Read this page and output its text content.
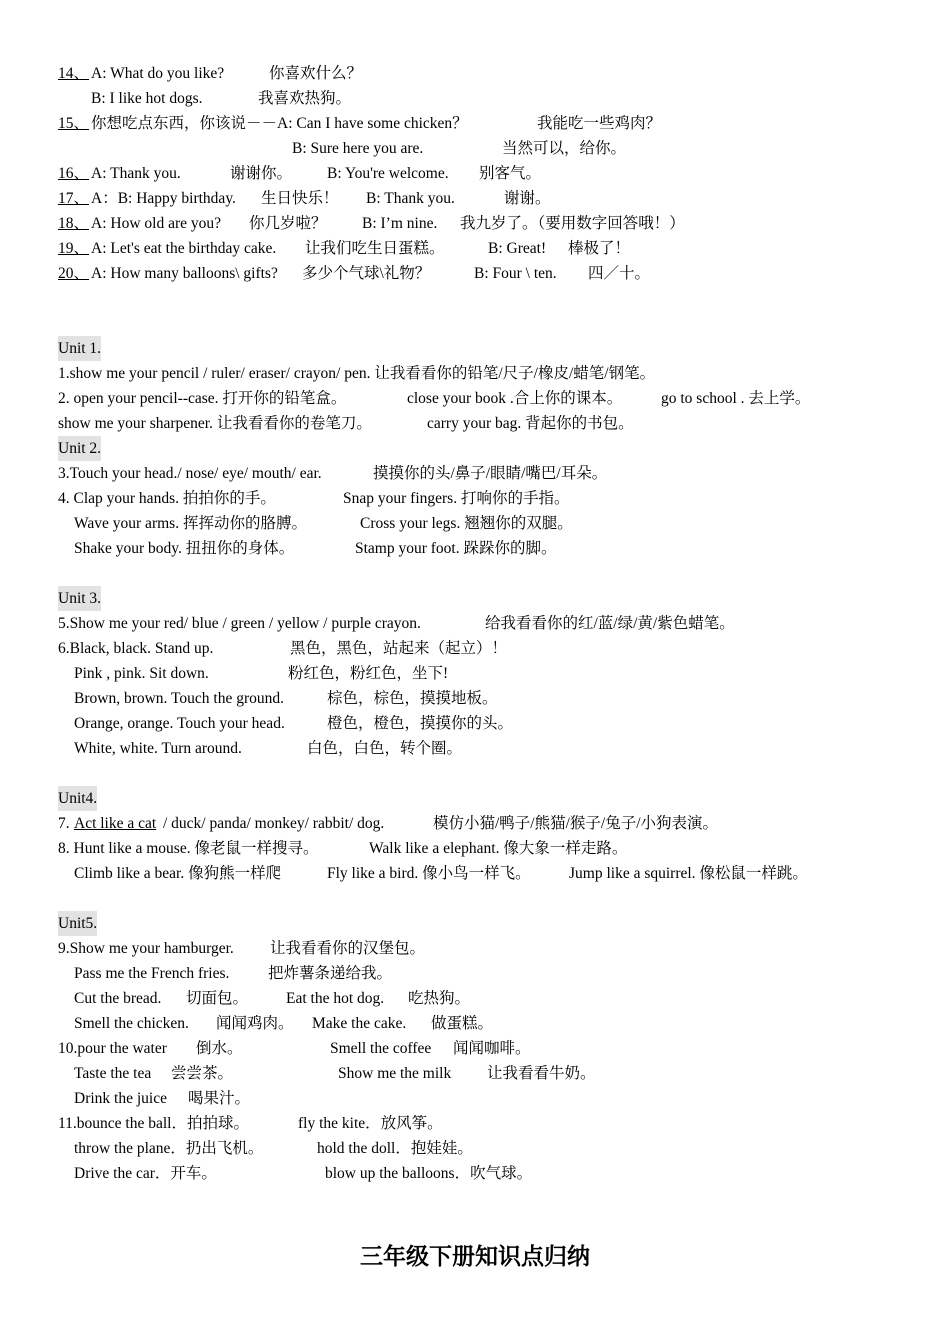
14、 A: What do you like?	你喜欢什么？
B: I like hot dogs.	我喜欢热狗。
15、 你想吃点东西，你该说－－A: Can I have some chicken？	我能吃一些鸡肉？
B: Sure here you are.	当然可以，给你。
16、 A: Thank you.	谢谢你。 B: You're welcome. 别客气。
17、 A：B: Happy birthday. 生日快乐！ B: Thank you.	谢谢。
18、 A: How old are you? 你几岁啦？ B: I’m nine. 我九岁了。（要用数字回答哦！）
19、 A: Let's eat the birthday cake. 让我们吃生日蛋糕。	B: Great! 棒极了！
20、 A: How many balloons\ gifts? 多少个气球\礼物？	B: Four \ ten. 四／十。
Unit 1.
1.show me your pencil / ruler/ eraser/ crayon/ pen. 让我看看你的铅笔/尺子/橡皮/蜡笔/钢笔。
2. open your pencil--case. 打开你的铅笔盒。	close your book .合上你的课本。 go to school . 去上学。
show me your sharpener. 让我看看你的卷笔刀。	carry your bag. 背起你的书包。
Unit 2.
3.Touch your head./ nose/ eye/ mouth/ ear.	摸摸你的头/鼻子/眼睛/嘴巴/耳朵。
4. Clap your hands. 拍拍你的手。	Snap your fingers. 打响你的手指。
Wave your arms. 挥挥动你的胳膊。	Cross your legs. 翘翘你的双腿。
Shake your body. 扭扭你的身体。	Stamp your foot. 跺跺你的脚。
Unit 3.
5.Show me your red/ blue / green / yellow / purple crayon.	给我看看你的红/蓝/绿/黄/紫色蜡笔。
6.Black, black. Stand up.	黑色，黑色，站起来（起立）！
Pink , pink. Sit down.	粉红色，粉红色，坐下!
Brown, brown. Touch the ground.	棕色，棕色，摸摸地板。
Orange, orange. Touch your head.	橙色，橙色，摸摸你的头。
White, white. Turn around.	白色，白色，转个圈。
Unit4.
7. Act like a cat / duck/ panda/ monkey/ rabbit/ dog.	模仿小猫/鸭子/熊猫/猴子/兔子/小狗表演。
8. Hunt like a mouse. 像老鼠一样搜寻。	Walk like a elephant. 像大象一样走路。
Climb like a bear. 像狗熊一样爬	Fly like a bird. 像小鸟一样飞。 Jump like a squirrel. 像松鼠一样跳。
Unit5.
9.Show me your hamburger. 让我看看你的汉堡包。
Pass me the French fries. 把炸薯条递给我。
Cut the bread. 切面包。 Eat the hot dog. 吃热狗。
Smell the chicken. 闻闻鸡肉。 Make the cake. 做蛋糕。
10.pour the water 倒水。	Smell the coffee 闻闻咖啡。
Taste the tea 尝尝茶。	Show me the milk 让我看看牛奶。
Drink the juice 喝果汁。
11.bounce the ball．拍拍球。	fly the kite．放风筝。
throw the plane．扔出飞机。	hold the doll．抱娃娃。
Drive the car．开车。	blow up the balloons．吹气球。
三年级下册知识点归纳
